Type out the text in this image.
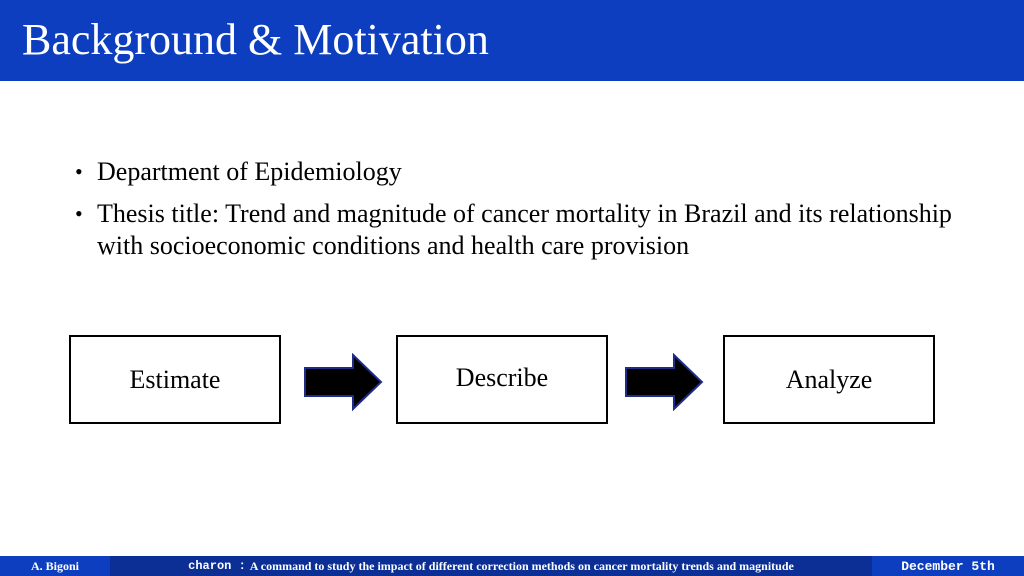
Background & Motivation
• Department of Epidemiology
• Thesis title: Trend and magnitude of cancer mortality in Brazil and its relationship with socioeconomic conditions and health care provision
Estimate	Describe	Analyze
A. Bigoni	charon : A command to study the impact of different correction methods on cancer mortality trends and magnitude	December 5th
